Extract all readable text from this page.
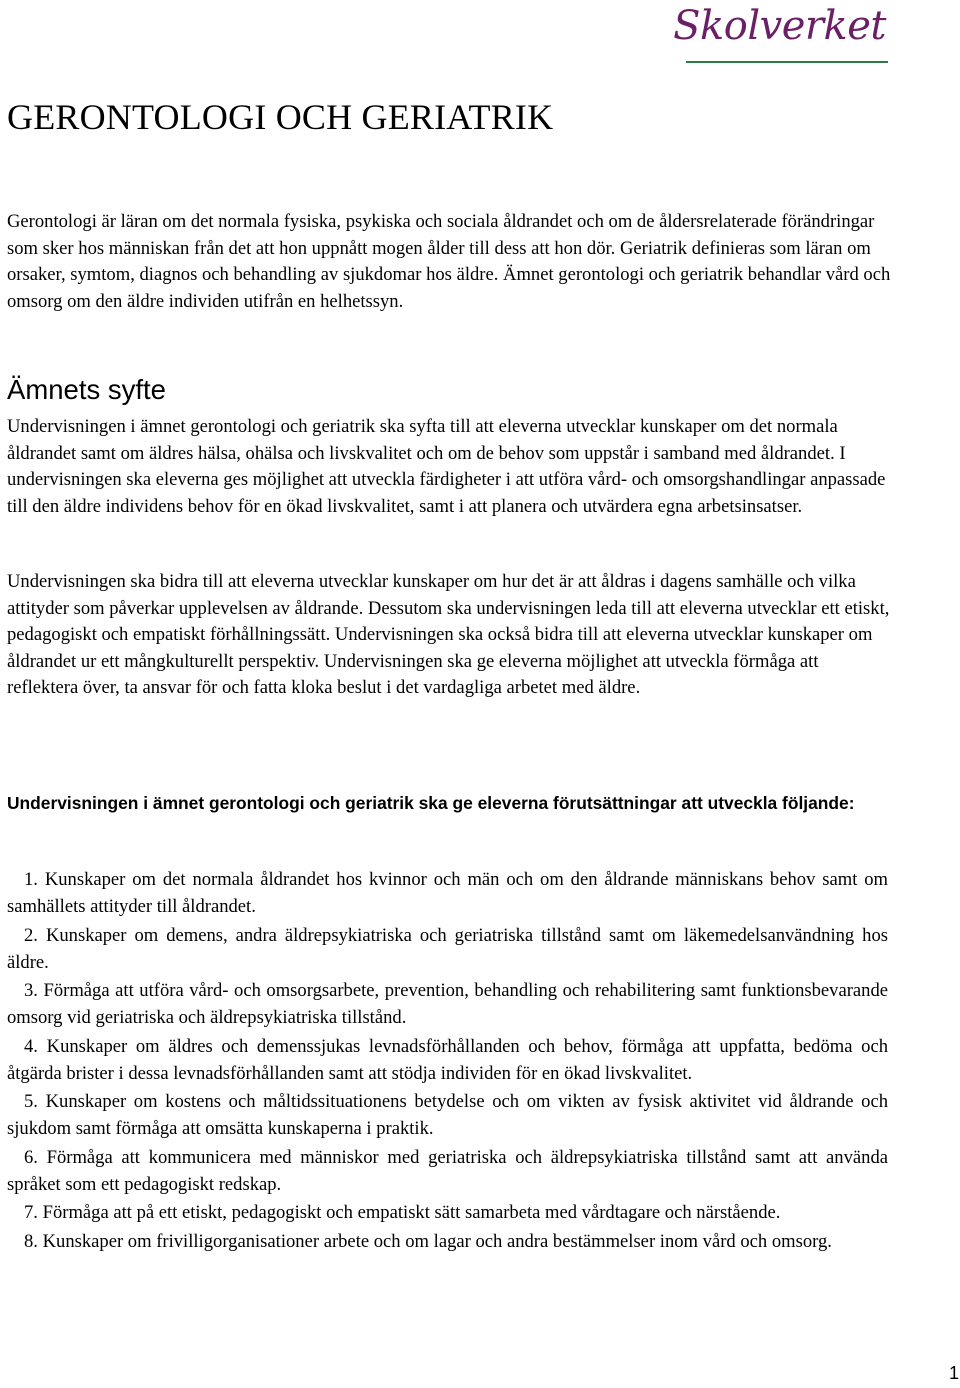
Skolverket
GERONTOLOGI OCH GERIATRIK

Gerontologi är läran om det normala fysiska, psykiska och sociala åldrandet och om de åldersrelaterade förändringar som sker hos människan från det att hon uppnått mogen ålder till dess att hon dör. Geriatrik definieras som läran om orsaker, symtom, diagnos och behandling av sjukdomar hos äldre. Ämnet gerontologi och geriatrik behandlar vård och omsorg om den äldre individen utifrån en helhetssyn.

Ämnets syfte

Undervisningen i ämnet gerontologi och geriatrik ska syfta till att eleverna utvecklar kunskaper om det normala åldrandet samt om äldres hälsa, ohälsa och livskvalitet och om de behov som uppstår i samband med åldrandet. I undervisningen ska eleverna ges möjlighet att utveckla färdigheter i att utföra vård- och omsorgshandlingar anpassade till den äldre individens behov för en ökad livskvalitet, samt i att planera och utvärdera egna arbetsinsatser.

Undervisningen ska bidra till att eleverna utvecklar kunskaper om hur det är att åldras i dagens samhälle och vilka attityder som påverkar upplevelsen av åldrande. Dessutom ska undervisningen leda till att eleverna utvecklar ett etiskt, pedagogiskt och empatiskt förhållningssätt. Undervisningen ska också bidra till att eleverna utvecklar kunskaper om åldrandet ur ett mångkulturellt perspektiv. Undervisningen ska ge eleverna möjlighet att utveckla förmåga att reflektera över, ta ansvar för och fatta kloka beslut i det vardagliga arbetet med äldre.

Undervisningen i ämnet gerontologi och geriatrik ska ge eleverna förutsättningar att utveckla följande:
1. Kunskaper om det normala åldrandet hos kvinnor och män och om den åldrande människans behov samt om samhällets attityder till åldrandet.
2. Kunskaper om demens, andra äldrepsykiatriska och geriatriska tillstånd samt om läkemedelsanvändning hos äldre.
3. Förmåga att utföra vård- och omsorgsarbete, prevention, behandling och rehabilitering samt funktionsbevarande omsorg vid geriatriska och äldrepsykiatriska tillstånd.
4. Kunskaper om äldres och demenssjukas levnadsförhållanden och behov, förmåga att uppfatta, bedöma och åtgärda brister i dessa levnadsförhållanden samt att stödja individen för en ökad livskvalitet.
5. Kunskaper om kostens och måltidssituationens betydelse och om vikten av fysisk aktivitet vid åldrande och sjukdom samt förmåga att omsätta kunskaperna i praktik.
6. Förmåga att kommunicera med människor med geriatriska och äldrepsykiatriska tillstånd samt att använda språket som ett pedagogiskt redskap.
7. Förmåga att på ett etiskt, pedagogiskt och empatiskt sätt samarbeta med vårdtagare och närstående.
8. Kunskaper om frivilligorganisationer arbete och om lagar och andra bestämmelser inom vård och omsorg.
1
